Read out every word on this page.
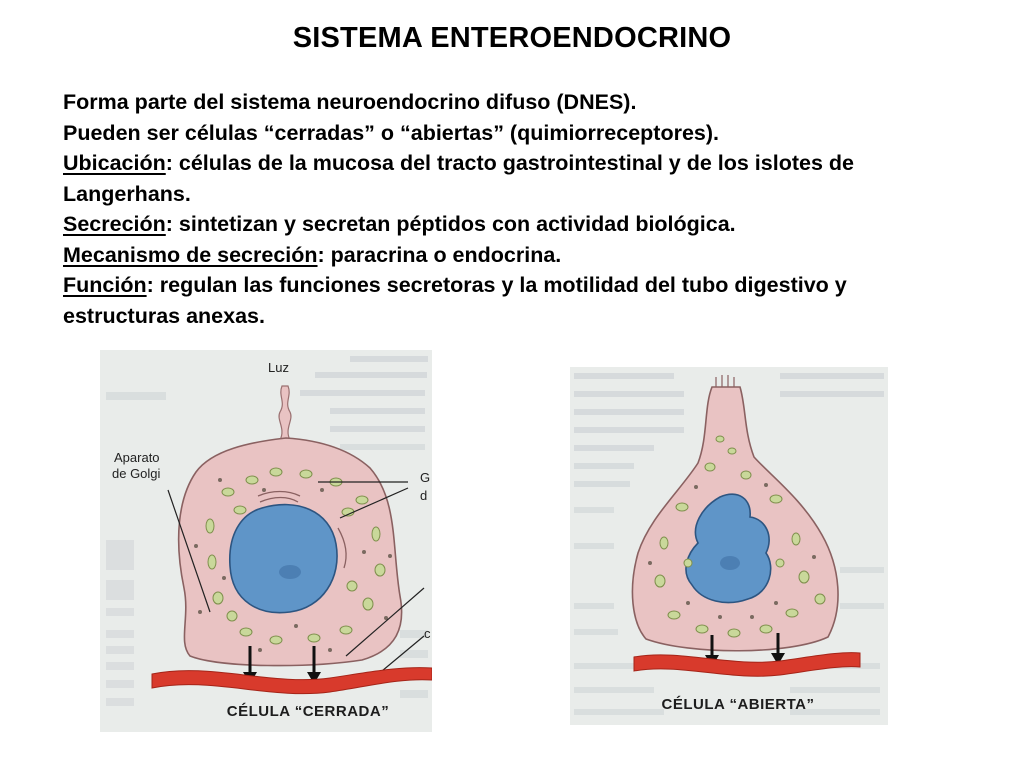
SISTEMA ENTEROENDOCRINO

Forma parte del sistema neuroendocrino difuso (DNES).

Pueden ser células “cerradas” o “abiertas” (quimiorreceptores).

Ubicación: células de la mucosa del tracto gastrointestinal y de los islotes de Langerhans.

Secreción: sintetizan y secretan péptidos con actividad biológica.

Mecanismo de secreción: paracrina o endocrina.

Función: regulan las funciones secretoras y la motilidad del tubo digestivo y estructuras anexas.

Luz
Aparato
de Golgi	G
d
c
CÉLULA “CERRADA”	CÉLULA “ABIERTA”
